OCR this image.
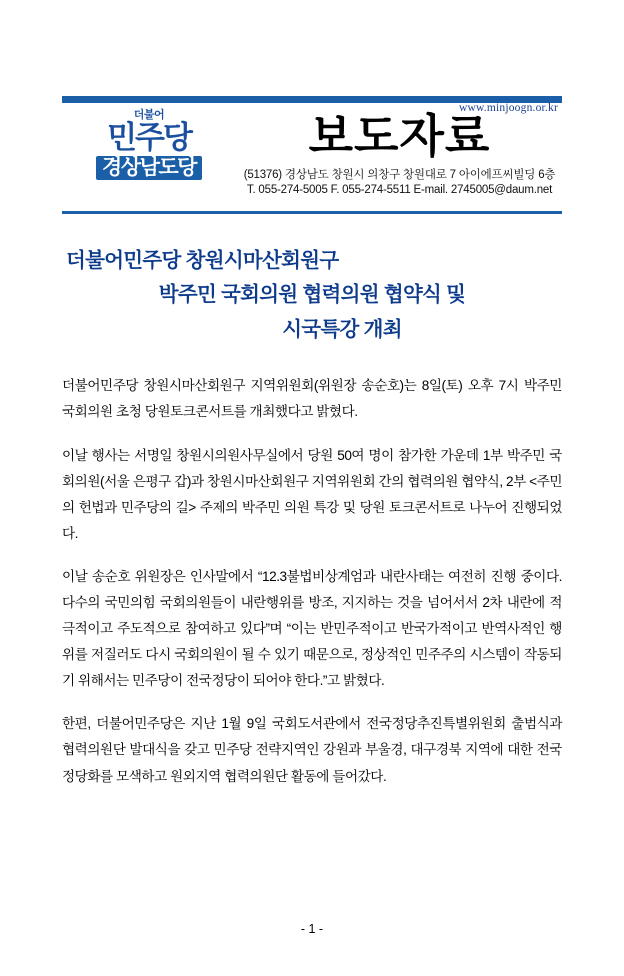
더불어
민주당
경상남도당
www.minjoogn.or.kr
보도자료
(51376) 경상남도 창원시 의창구 창원대로 7 아이에프씨빌딩 6층
T. 055-274-5005 F. 055-274-5511 E-mail. 2745005@daum.net
더불어민주당 창원시마산회원구
박주민 국회의원 협력의원 협약식 및
시국특강 개최

더불어민주당 창원시마산회원구 지역위원회(위원장 송순호)는 8일(토) 오후 7시 박주민 국회의원 초청 당원토크콘서트를 개최했다고 밝혔다.

이날 행사는 서명일 창원시의원사무실에서 당원 50여 명이 참가한 가운데 1부 박주민 국회의원(서울 은평구 갑)과 창원시마산회원구 지역위원회 간의 협력의원 협약식, 2부 <주민의 헌법과 민주당의 길> 주제의 박주민 의원 특강 및 당원 토크콘서트로 나누어 진행되었다.

이날 송순호 위원장은 인사말에서 “12.3불법비상계엄과 내란사태는 여전히 진행 중이다. 다수의 국민의힘 국회의원들이 내란행위를 방조, 지지하는 것을 넘어서서 2차 내란에 적극적이고 주도적으로 참여하고 있다”며 “이는 반민주적이고 반국가적이고 반역사적인 행위를 저질러도 다시 국회의원이 될 수 있기 때문으로, 정상적인 민주주의 시스템이 작동되기 위해서는 민주당이 전국정당이 되어야 한다.”고 밝혔다.

한편, 더불어민주당은 지난 1월 9일 국회도서관에서 전국정당추진특별위원회 출범식과 협력의원단 발대식을 갖고 민주당 전략지역인 강원과 부울경, 대구경북 지역에 대한 전국정당화를 모색하고 원외지역 협력의원단 활동에 들어갔다.

- 1 -
